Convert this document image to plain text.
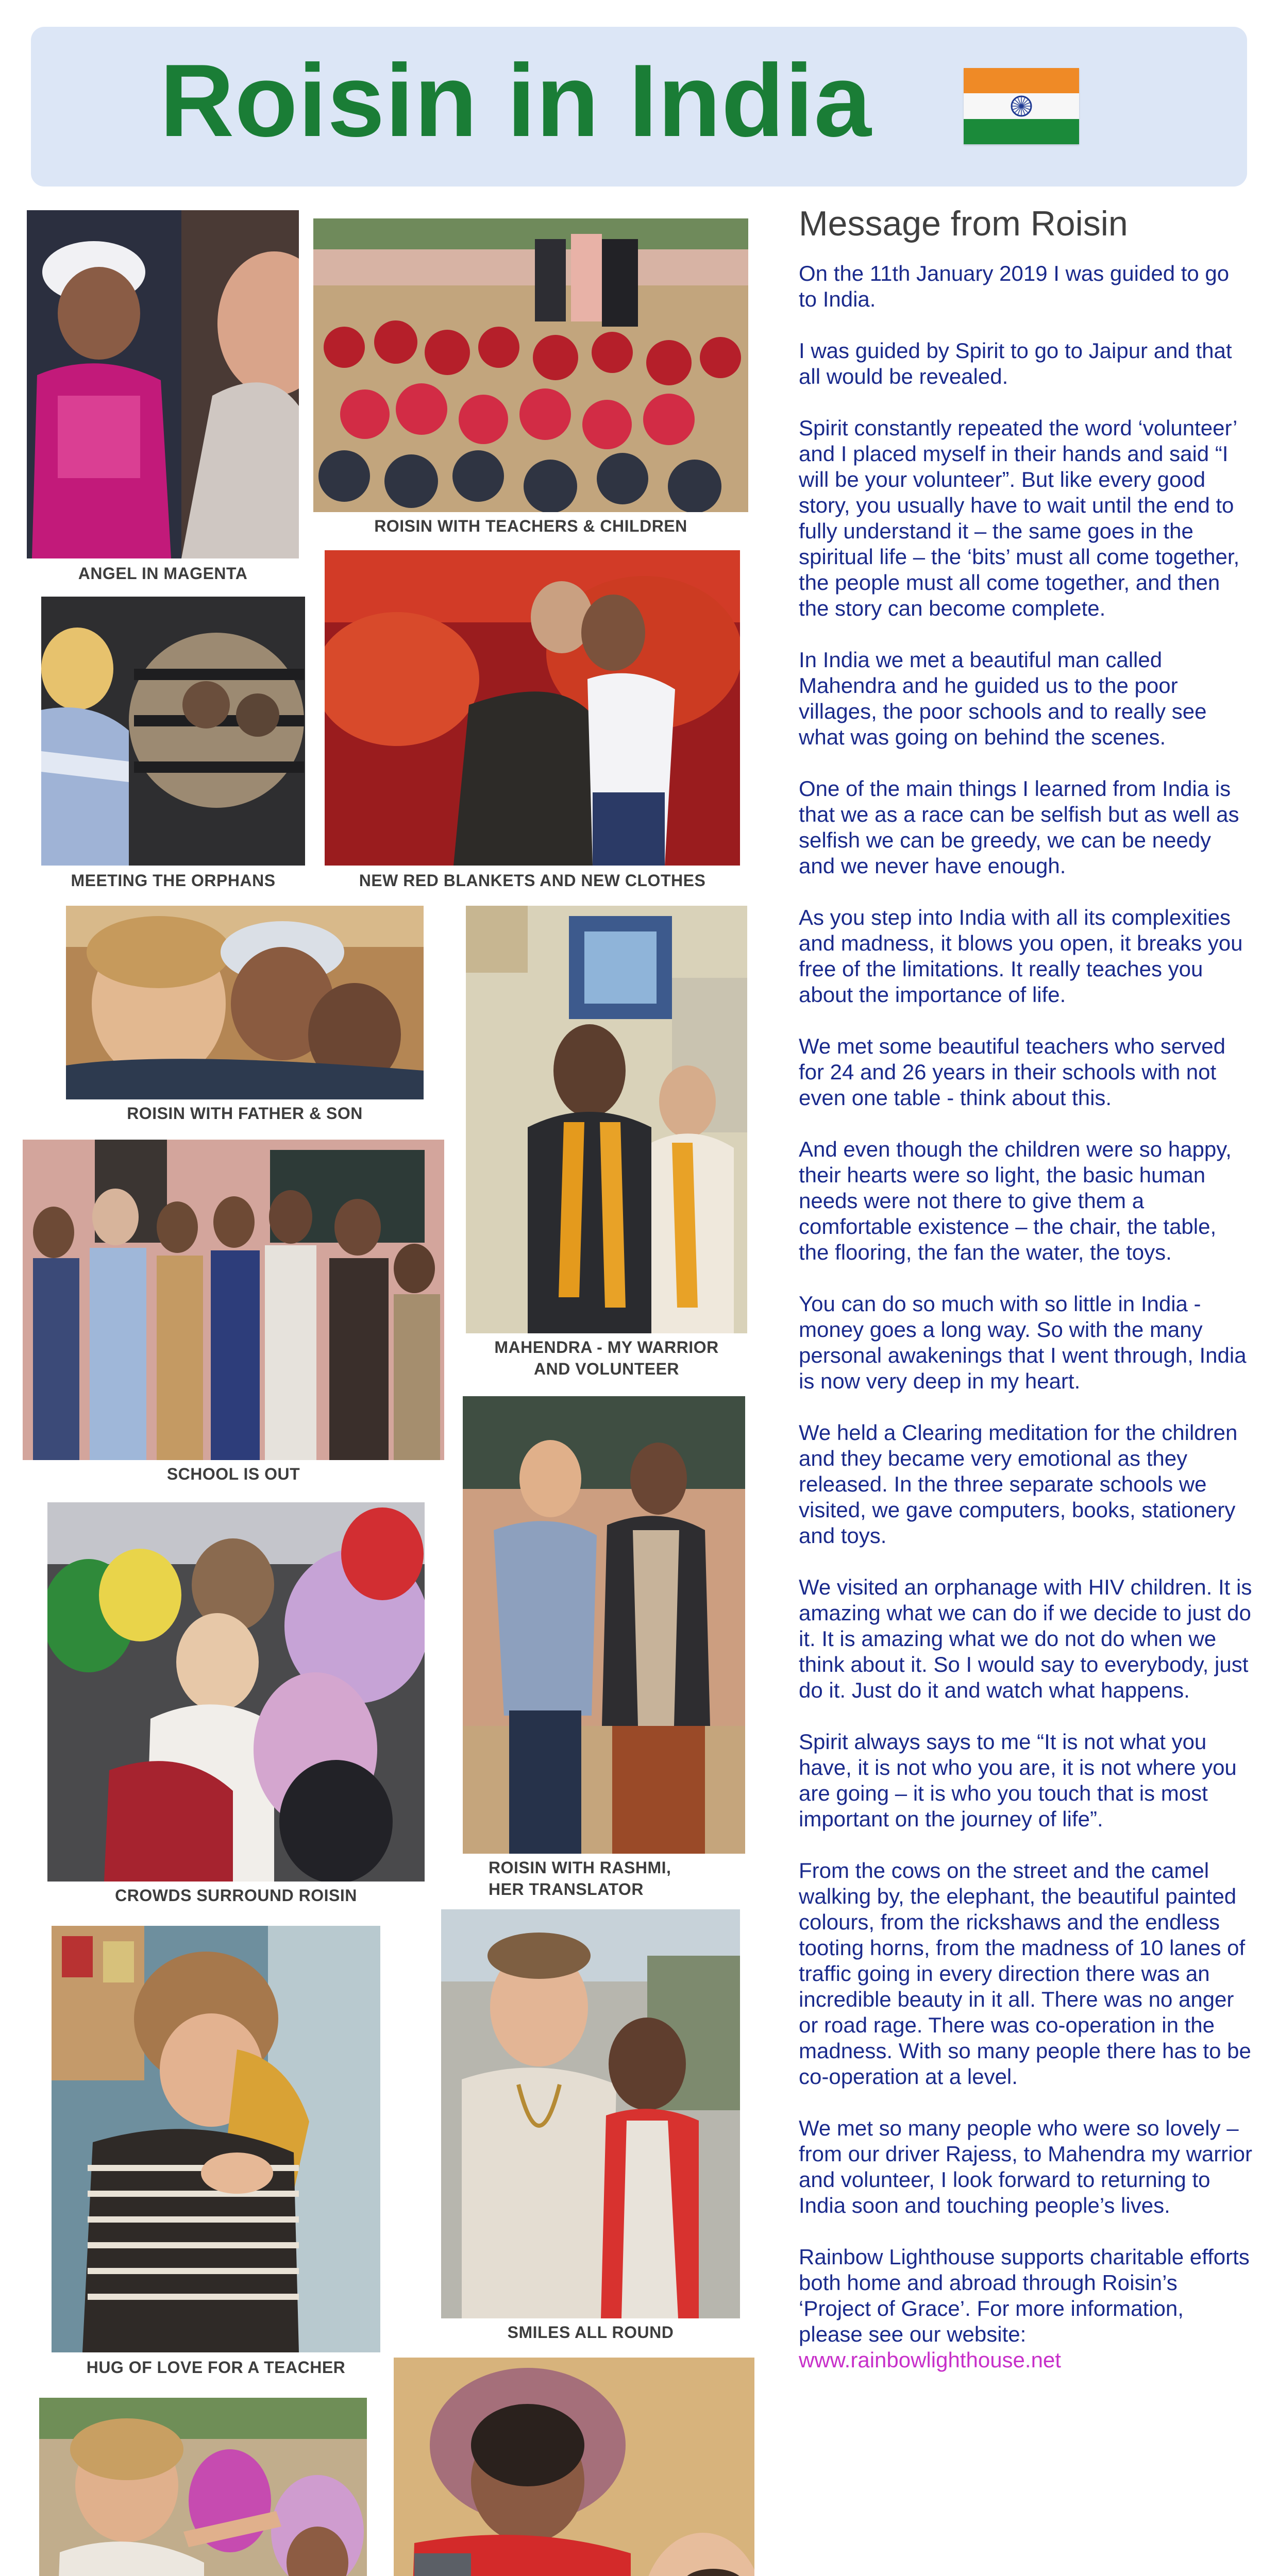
Roisin in India
ANGEL IN MAGENTA
ROISIN WITH TEACHERS & CHILDREN
MEETING THE ORPHANS	NEW RED BLANKETS AND NEW CLOTHES
ROISIN WITH FATHER & SON
MAHENDRA - MY WARRIOR
AND VOLUNTEER
SCHOOL IS OUT
ROISIN WITH RASHMI,
HER TRANSLATOR
CROWDS SURROUND ROISIN
SMILES ALL ROUND
HUG OF LOVE FOR A TEACHER
Message from Roisin

On the 11th January 2019 I was guided to go to India.

I was guided by Spirit to go to Jaipur and that all would be revealed.

Spirit constantly repeated the word ‘volunteer’ and I placed myself in their hands and said “I will be your volunteer”. But like every good story, you usually have to wait until the end to fully understand it – the same goes in the spiritual life – the ‘bits’ must all come together, the people must all come together, and then the story can become complete.

In India we met a beautiful man called Mahendra and he guided us to the poor villages, the poor schools and to really see what was going on behind the scenes.

One of the main things I learned from India is that we as a race can be selfish but as well as selfish we can be greedy, we can be needy and we never have enough.

As you step into India with all its complexities and madness, it blows you open, it breaks you free of the limitations. It really teaches you about the importance of life.

We met some beautiful teachers who served for 24 and 26 years in their schools with not even one table - think about this.

And even though the children were so happy, their hearts were so light, the basic human needs were not there to give them a comfortable existence – the chair, the table, the flooring, the fan the water, the toys.

You can do so much with so little in India - money goes a long way. So with the many personal awakenings that I went through, India is now very deep in my heart.

We held a Clearing meditation for the children and they became very emotional as they released. In the three separate schools we visited, we gave computers, books, stationery and toys.

We visited an orphanage with HIV children. It is amazing what we can do if we decide to just do it. It is amazing what we do not do when we think about it. So I would say to everybody, just do it. Just do it and watch what happens.

Spirit always says to me “It is not what you have, it is not who you are, it is not where you are going – it is who you touch that is most important on the journey of life”.

From the cows on the street and the camel walking by, the elephant, the beautiful painted colours, from the rickshaws and the endless tooting horns, from the madness of 10 lanes of traffic going in every direction there was an incredible beauty in it all. There was no anger or road rage. There was co-operation in the madness. With so many people there has to be co-operation at a level.

We met so many people who were so lovely – from our driver Rajess, to Mahendra my warrior and volunteer, I look forward to returning to India soon and touching people’s lives.

Rainbow Lighthouse supports charitable efforts both home and abroad through Roisin’s ‘Project of Grace’. For more information, please see our website:
www.rainbowlighthouse.net
